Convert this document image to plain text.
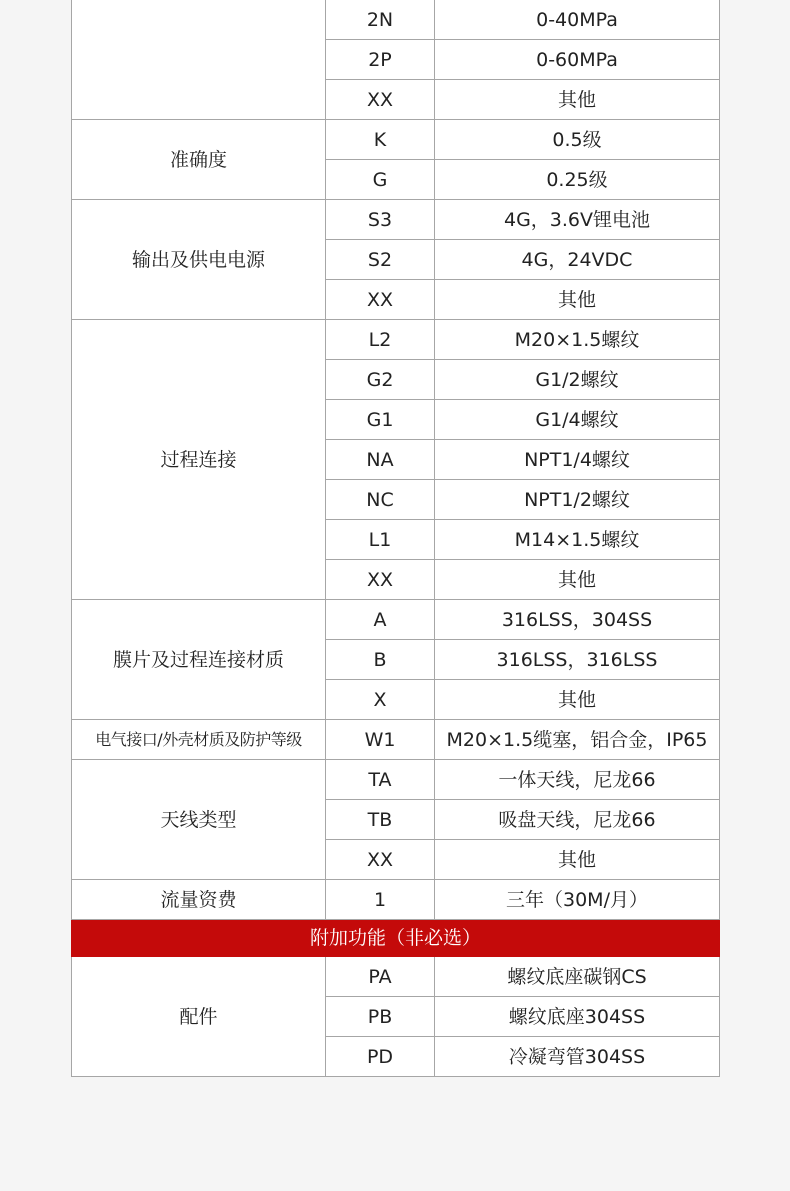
	2N	0-40MPa
	2P	0-60MPa
	XX	其他
准确度	K	0.5级
	G	0.25级
输出及供电电源	S3	4G，3.6V锂电池
	S2	4G，24VDC
	XX	其他
过程连接	L2	M20×1.5螺纹
	G2	G1/2螺纹
	G1	G1/4螺纹
	NA	NPT1/4螺纹
	NC	NPT1/2螺纹
	L1	M14×1.5螺纹
	XX	其他
膜片及过程连接材质	A	316LSS，304SS
	B	316LSS，316LSS
	X	其他
电气接口/外壳材质及防护等级	W1	M20×1.5缆塞，铝合金，IP65
天线类型	TA	一体天线，尼龙66
	TB	吸盘天线，尼龙66
	XX	其他
流量资费	1	三年（30M/月）
附加功能（非必选）		
配件	PA	螺纹底座碳钢CS
	PB	螺纹底座304SS
	PD	冷凝弯管304SS
